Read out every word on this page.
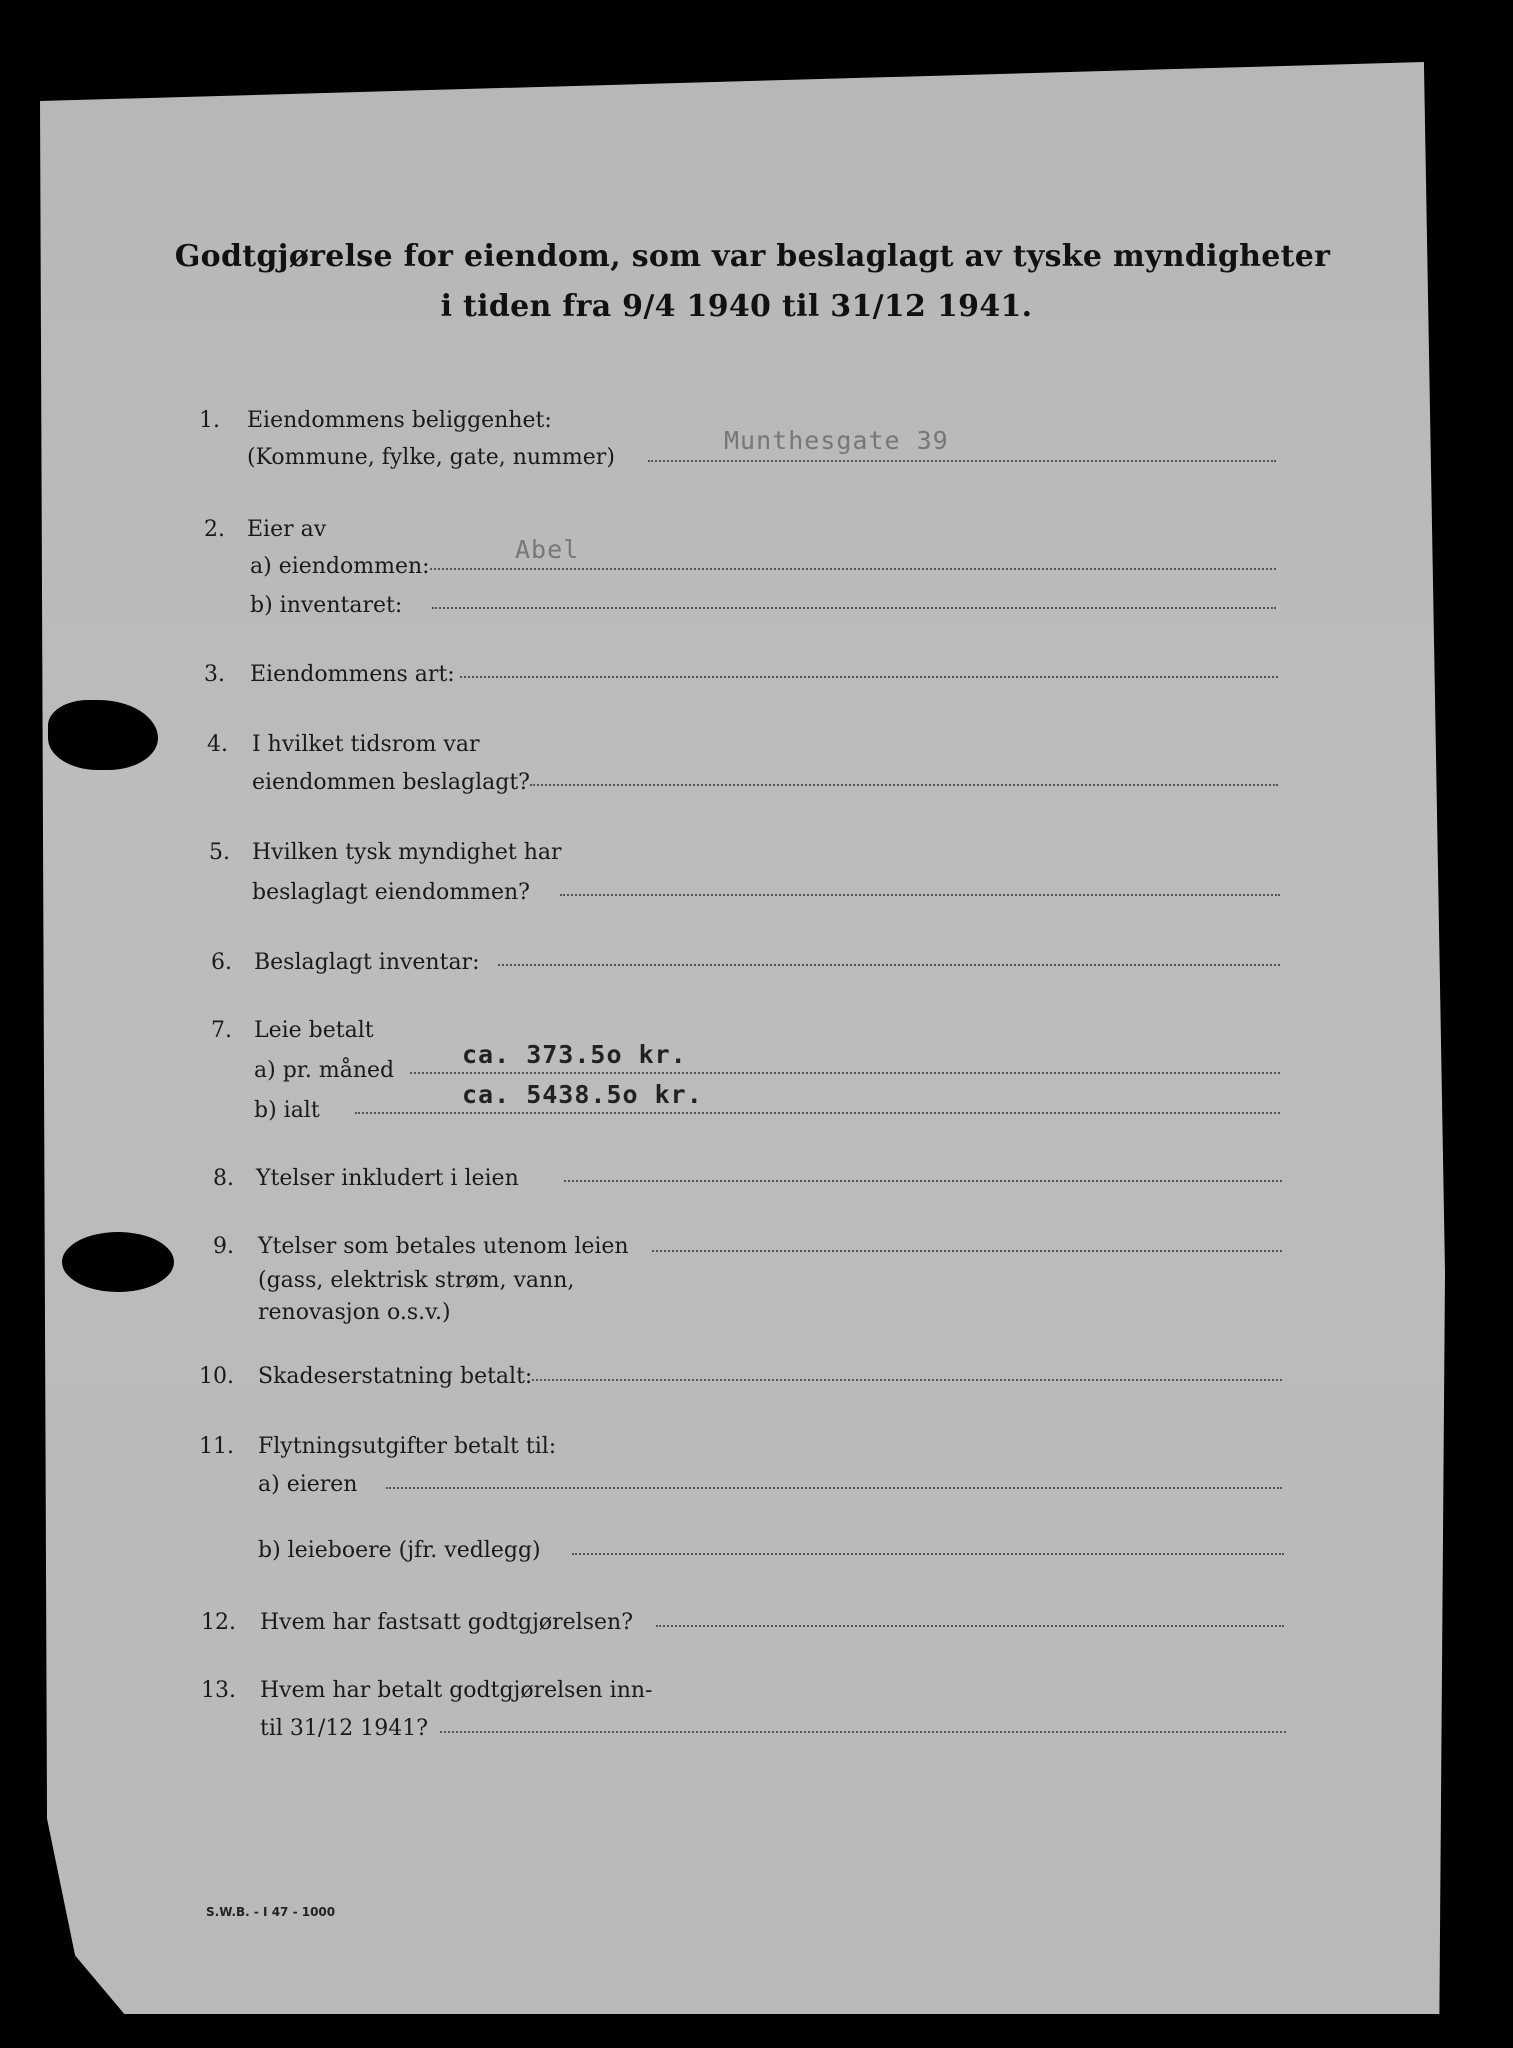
Godtgjørelse for eiendom, som var beslaglagt av tyske myndigheter
i tiden fra 9/4 1940 til 31/12 1941.
1. Eiendommens beliggenhet:
(Kommune, fylke, gate, nummer)
Munthesgate 39
2. Eier av
a) eiendommen:
b) inventaret:
Abel
3. Eiendommens art:
4. I hvilket tidsrom var
eiendommen beslaglagt?
5. Hvilken tysk myndighet har
beslaglagt eiendommen?
6. Beslaglagt inventar:
7. Leie betalt
a) pr. måned
b) ialt
ca. 373.5o kr.
ca. 5438.5o kr.
8. Ytelser inkludert i leien
9. Ytelser som betales utenom leien
(gass, elektrisk strøm, vann,
renovasjon o.s.v.)
10. Skadeserstatning betalt:
11. Flytningsutgifter betalt til:
a) eieren
b) leieboere (jfr. vedlegg)
12. Hvem har fastsatt godtgjørelsen?
13. Hvem har betalt godtgjørelsen inn-
til 31/12 1941?
S.W.B. - I 47 - 1000
